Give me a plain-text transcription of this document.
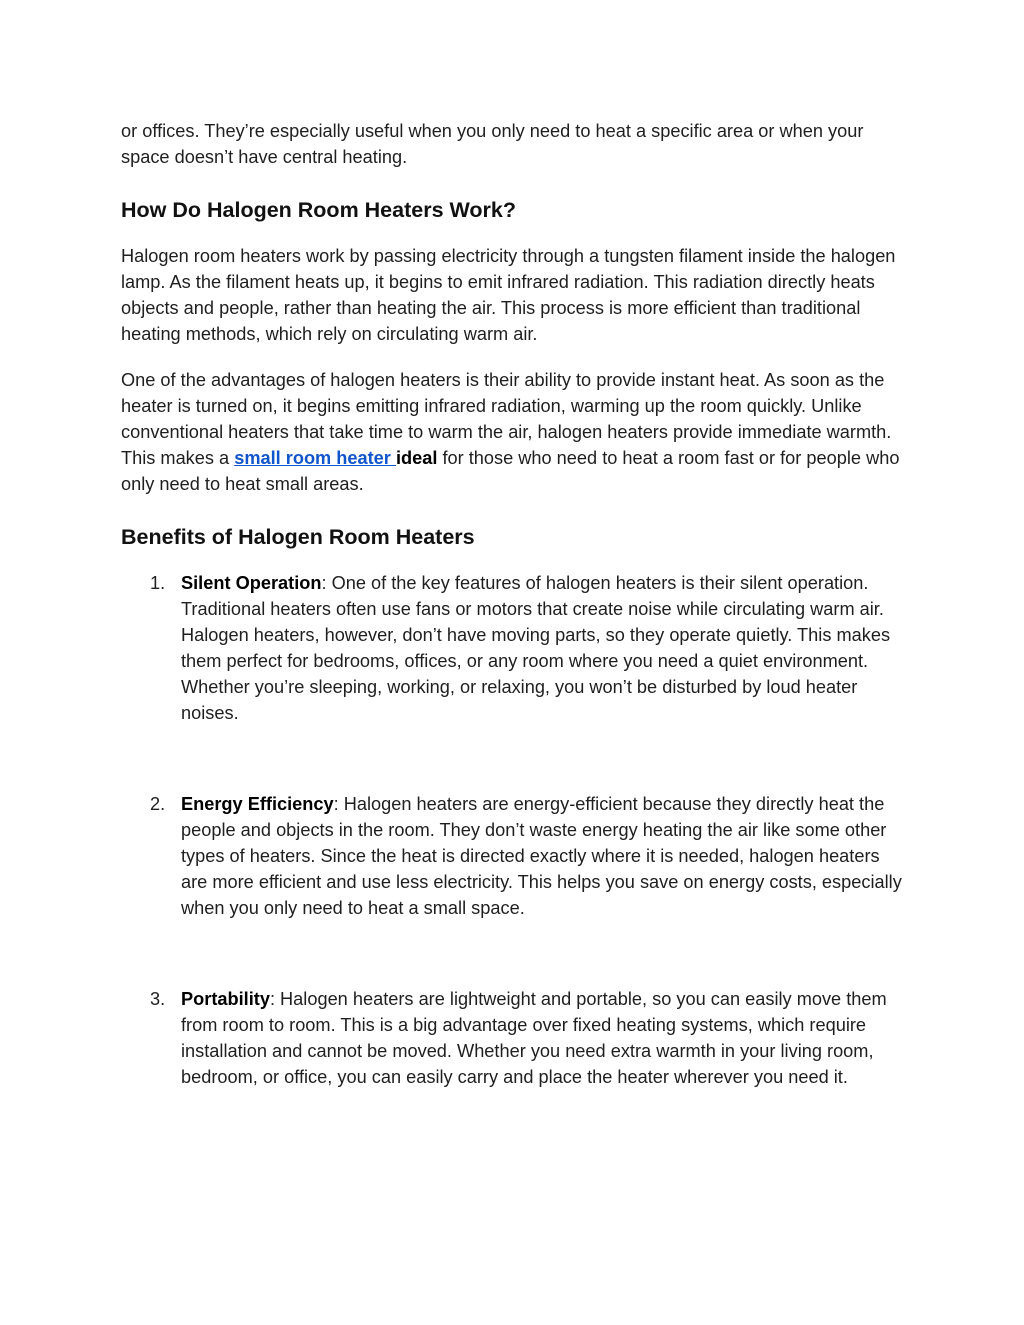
or offices. They’re especially useful when you only need to heat a specific area or when your space doesn’t have central heating.

How Do Halogen Room Heaters Work?

Halogen room heaters work by passing electricity through a tungsten filament inside the halogen lamp. As the filament heats up, it begins to emit infrared radiation. This radiation directly heats objects and people, rather than heating the air. This process is more efficient than traditional heating methods, which rely on circulating warm air.

One of the advantages of halogen heaters is their ability to provide instant heat. As soon as the heater is turned on, it begins emitting infrared radiation, warming up the room quickly. Unlike conventional heaters that take time to warm the air, halogen heaters provide immediate warmth. This makes a small room heater ideal for those who need to heat a room fast or for people who only need to heat small areas.

Benefits of Halogen Room Heaters
1. Silent Operation: One of the key features of halogen heaters is their silent operation. Traditional heaters often use fans or motors that create noise while circulating warm air. Halogen heaters, however, don’t have moving parts, so they operate quietly. This makes them perfect for bedrooms, offices, or any room where you need a quiet environment. Whether you’re sleeping, working, or relaxing, you won’t be disturbed by loud heater noises.
2. Energy Efficiency: Halogen heaters are energy-efficient because they directly heat the people and objects in the room. They don’t waste energy heating the air like some other types of heaters. Since the heat is directed exactly where it is needed, halogen heaters are more efficient and use less electricity. This helps you save on energy costs, especially when you only need to heat a small space.
3. Portability: Halogen heaters are lightweight and portable, so you can easily move them from room to room. This is a big advantage over fixed heating systems, which require installation and cannot be moved. Whether you need extra warmth in your living room, bedroom, or office, you can easily carry and place the heater wherever you need it.
